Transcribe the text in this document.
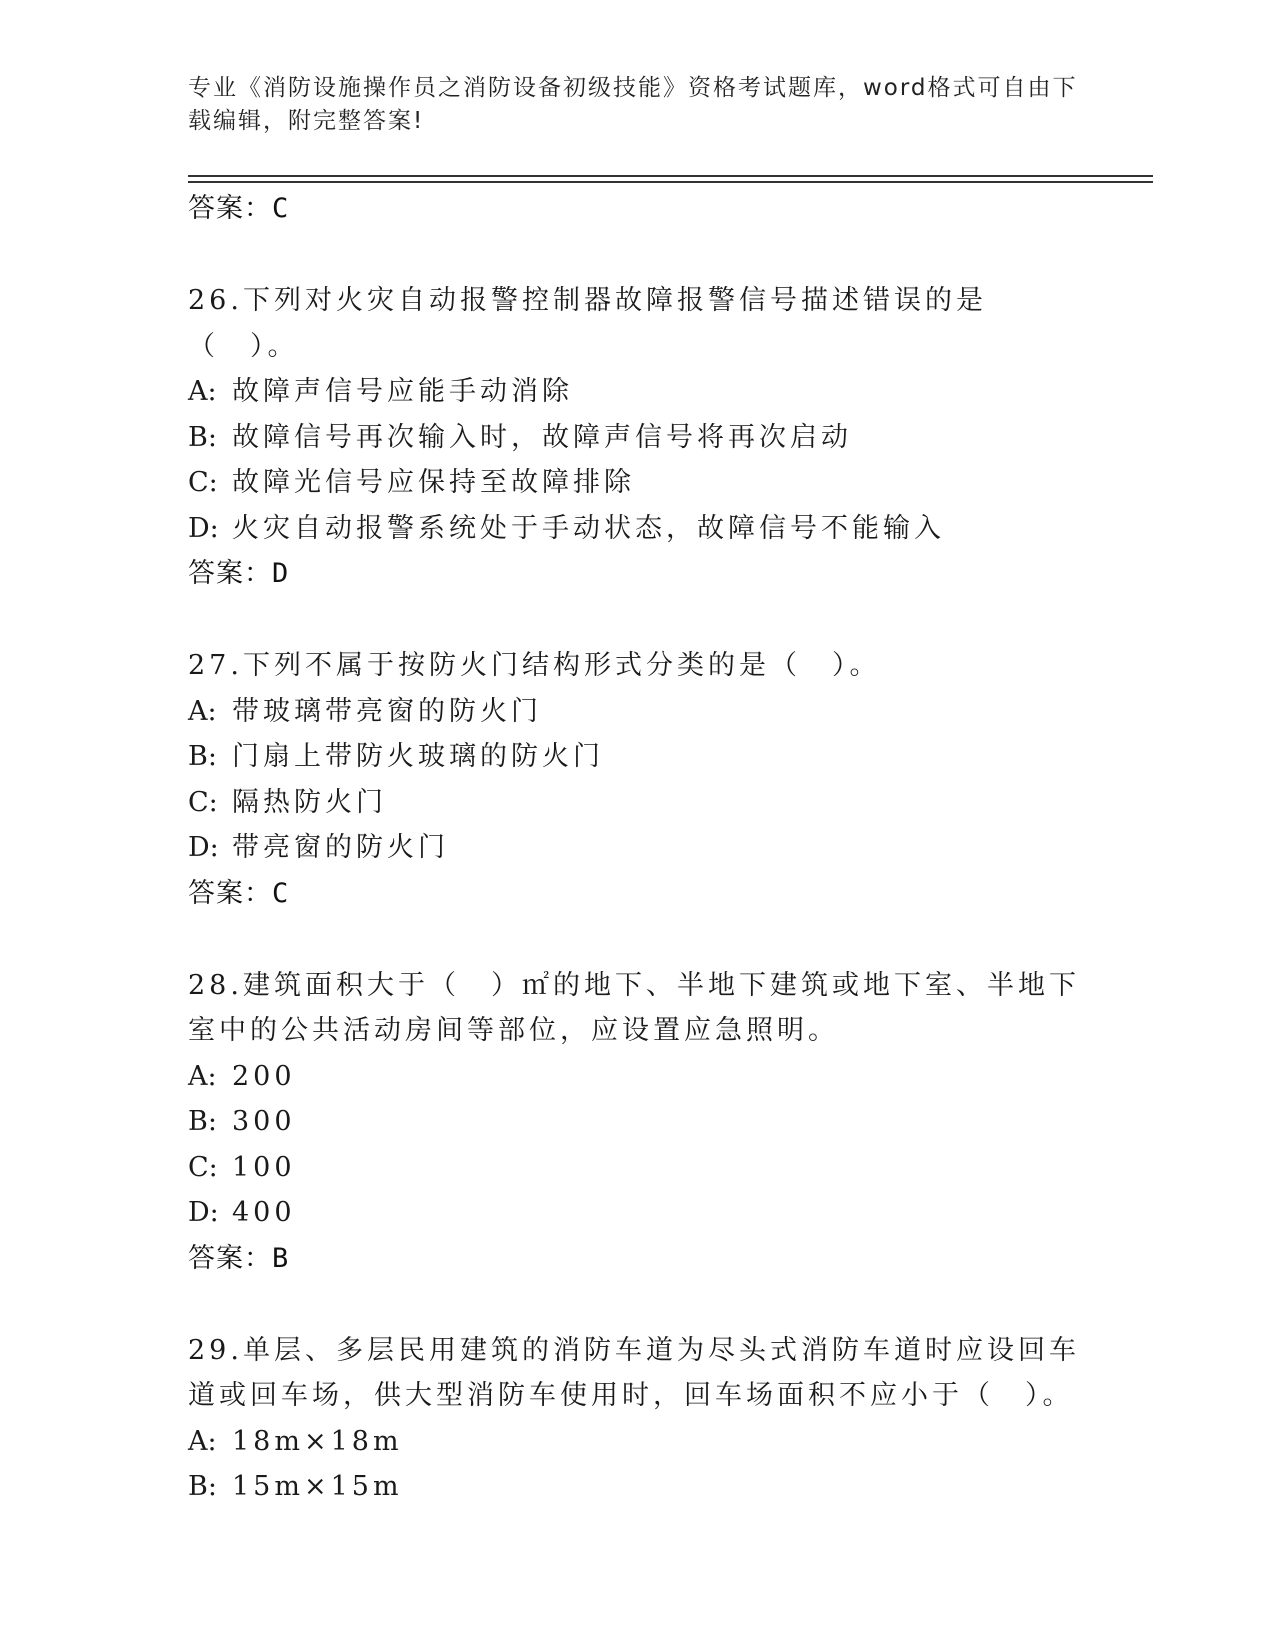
专业《消防设施操作员之消防设备初级技能》资格考试题库，word格式可自由下
载编辑，附完整答案!
答案：C
26.下列对火灾自动报警控制器故障报警信号描述错误的是（　）。
A: 故障声信号应能手动消除
B: 故障信号再次输入时，故障声信号将再次启动
C: 故障光信号应保持至故障排除
D: 火灾自动报警系统处于手动状态，故障信号不能输入
答案：D
27.下列不属于按防火门结构形式分类的是（　）。
A: 带玻璃带亮窗的防火门
B: 门扇上带防火玻璃的防火门
C: 隔热防火门
D: 带亮窗的防火门
答案：C
28.建筑面积大于（　）㎡的地下、半地下建筑或地下室、半地下室中的公共活动房间等部位，应设置应急照明。
A: 200
B: 300
C: 100
D: 400
答案：B
29.单层、多层民用建筑的消防车道为尽头式消防车道时应设回车道或回车场，供大型消防车使用时，回车场面积不应小于（　）。
A: 18m×18m
B: 15m×15m
